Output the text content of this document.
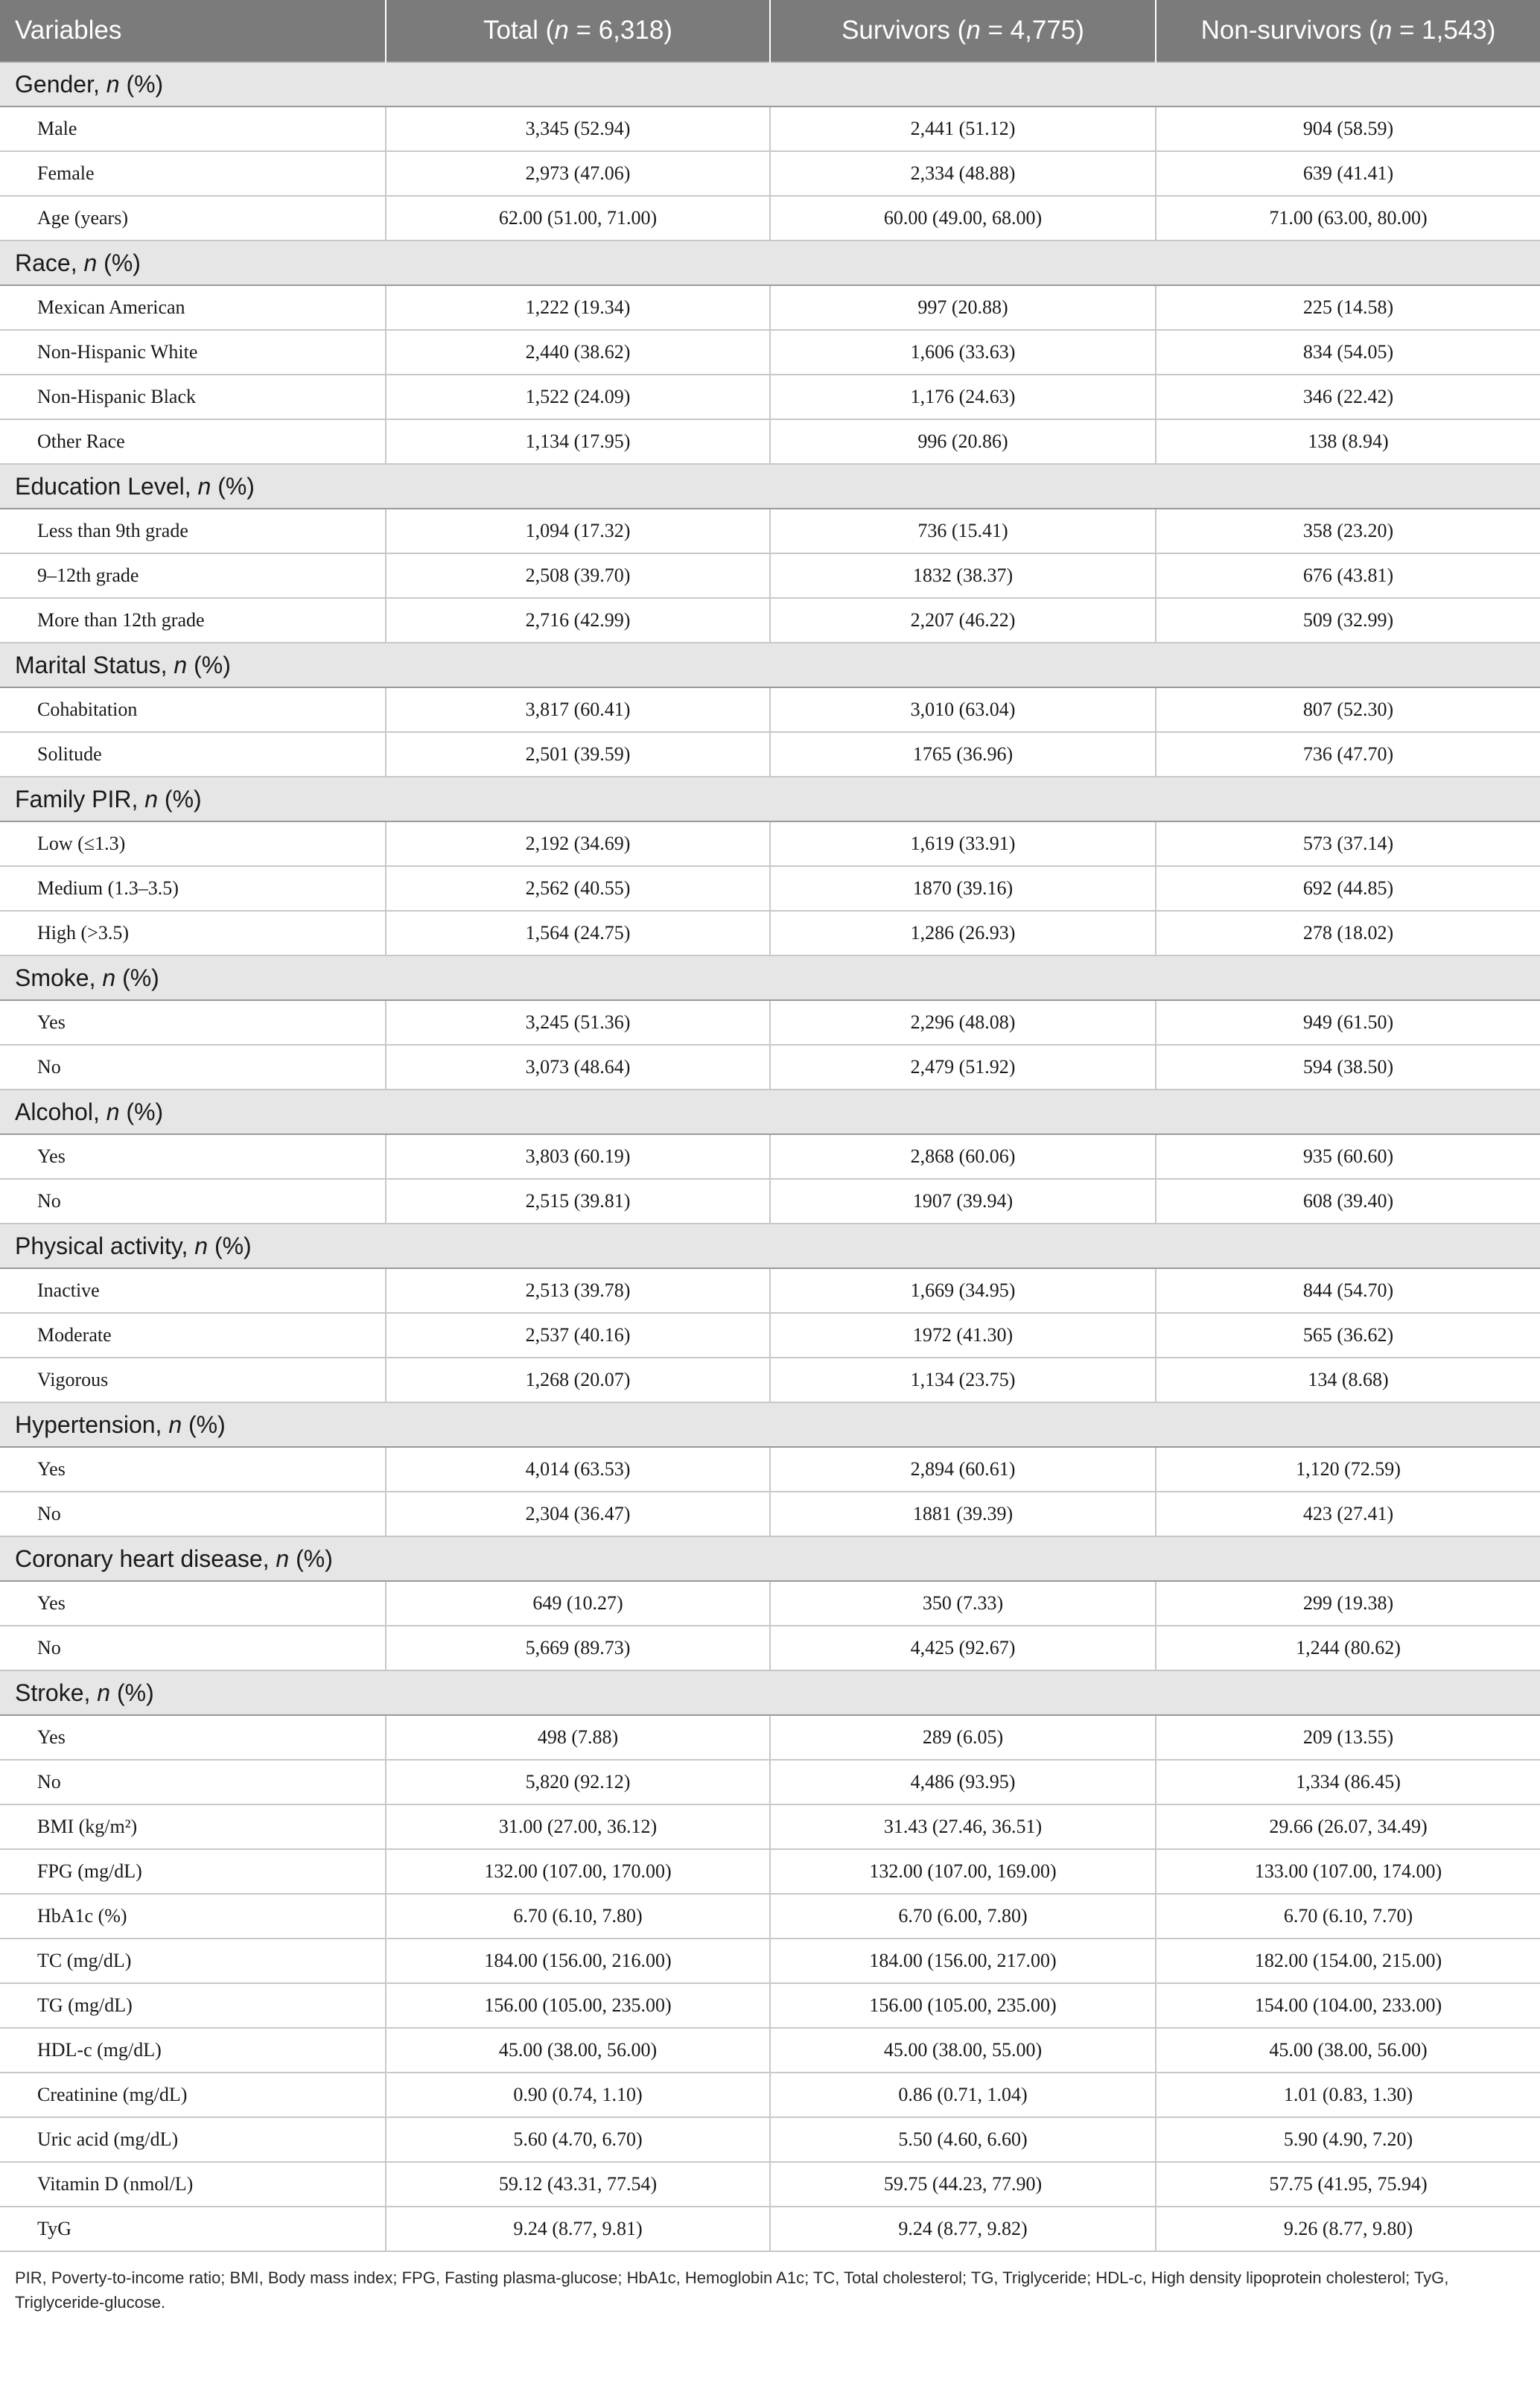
Variables	Total (n = 6,318)	Survivors (n = 4,775)	Non-survivors (n = 1,543)
Gender, n (%)			
Male	3,345 (52.94)	2,441 (51.12)	904 (58.59)
Female	2,973 (47.06)	2,334 (48.88)	639 (41.41)
Age (years)	62.00 (51.00, 71.00)	60.00 (49.00, 68.00)	71.00 (63.00, 80.00)
Race, n (%)			
Mexican American	1,222 (19.34)	997 (20.88)	225 (14.58)
Non-Hispanic White	2,440 (38.62)	1,606 (33.63)	834 (54.05)
Non-Hispanic Black	1,522 (24.09)	1,176 (24.63)	346 (22.42)
Other Race	1,134 (17.95)	996 (20.86)	138 (8.94)
Education Level, n (%)			
Less than 9th grade	1,094 (17.32)	736 (15.41)	358 (23.20)
9–12th grade	2,508 (39.70)	1832 (38.37)	676 (43.81)
More than 12th grade	2,716 (42.99)	2,207 (46.22)	509 (32.99)
Marital Status, n (%)			
Cohabitation	3,817 (60.41)	3,010 (63.04)	807 (52.30)
Solitude	2,501 (39.59)	1765 (36.96)	736 (47.70)
Family PIR, n (%)			
Low (≤1.3)	2,192 (34.69)	1,619 (33.91)	573 (37.14)
Medium (1.3–3.5)	2,562 (40.55)	1870 (39.16)	692 (44.85)
High (>3.5)	1,564 (24.75)	1,286 (26.93)	278 (18.02)
Smoke, n (%)			
Yes	3,245 (51.36)	2,296 (48.08)	949 (61.50)
No	3,073 (48.64)	2,479 (51.92)	594 (38.50)
Alcohol, n (%)			
Yes	3,803 (60.19)	2,868 (60.06)	935 (60.60)
No	2,515 (39.81)	1907 (39.94)	608 (39.40)
Physical activity, n (%)			
Inactive	2,513 (39.78)	1,669 (34.95)	844 (54.70)
Moderate	2,537 (40.16)	1972 (41.30)	565 (36.62)
Vigorous	1,268 (20.07)	1,134 (23.75)	134 (8.68)
Hypertension, n (%)			
Yes	4,014 (63.53)	2,894 (60.61)	1,120 (72.59)
No	2,304 (36.47)	1881 (39.39)	423 (27.41)
Coronary heart disease, n (%)			
Yes	649 (10.27)	350 (7.33)	299 (19.38)
No	5,669 (89.73)	4,425 (92.67)	1,244 (80.62)
Stroke, n (%)			
Yes	498 (7.88)	289 (6.05)	209 (13.55)
No	5,820 (92.12)	4,486 (93.95)	1,334 (86.45)
BMI (kg/m²)	31.00 (27.00, 36.12)	31.43 (27.46, 36.51)	29.66 (26.07, 34.49)
FPG (mg/dL)	132.00 (107.00, 170.00)	132.00 (107.00, 169.00)	133.00 (107.00, 174.00)
HbA1c (%)	6.70 (6.10, 7.80)	6.70 (6.00, 7.80)	6.70 (6.10, 7.70)
TC (mg/dL)	184.00 (156.00, 216.00)	184.00 (156.00, 217.00)	182.00 (154.00, 215.00)
TG (mg/dL)	156.00 (105.00, 235.00)	156.00 (105.00, 235.00)	154.00 (104.00, 233.00)
HDL-c (mg/dL)	45.00 (38.00, 56.00)	45.00 (38.00, 55.00)	45.00 (38.00, 56.00)
Creatinine (mg/dL)	0.90 (0.74, 1.10)	0.86 (0.71, 1.04)	1.01 (0.83, 1.30)
Uric acid (mg/dL)	5.60 (4.70, 6.70)	5.50 (4.60, 6.60)	5.90 (4.90, 7.20)
Vitamin D (nmol/L)	59.12 (43.31, 77.54)	59.75 (44.23, 77.90)	57.75 (41.95, 75.94)
TyG	9.24 (8.77, 9.81)	9.24 (8.77, 9.82)	9.26 (8.77, 9.80)
PIR, Poverty-to-income ratio; BMI, Body mass index; FPG, Fasting plasma-glucose; HbA1c, Hemoglobin A1c; TC, Total cholesterol; TG, Triglyceride; HDL-c, High density lipoprotein cholesterol; TyG, Triglyceride-glucose.
